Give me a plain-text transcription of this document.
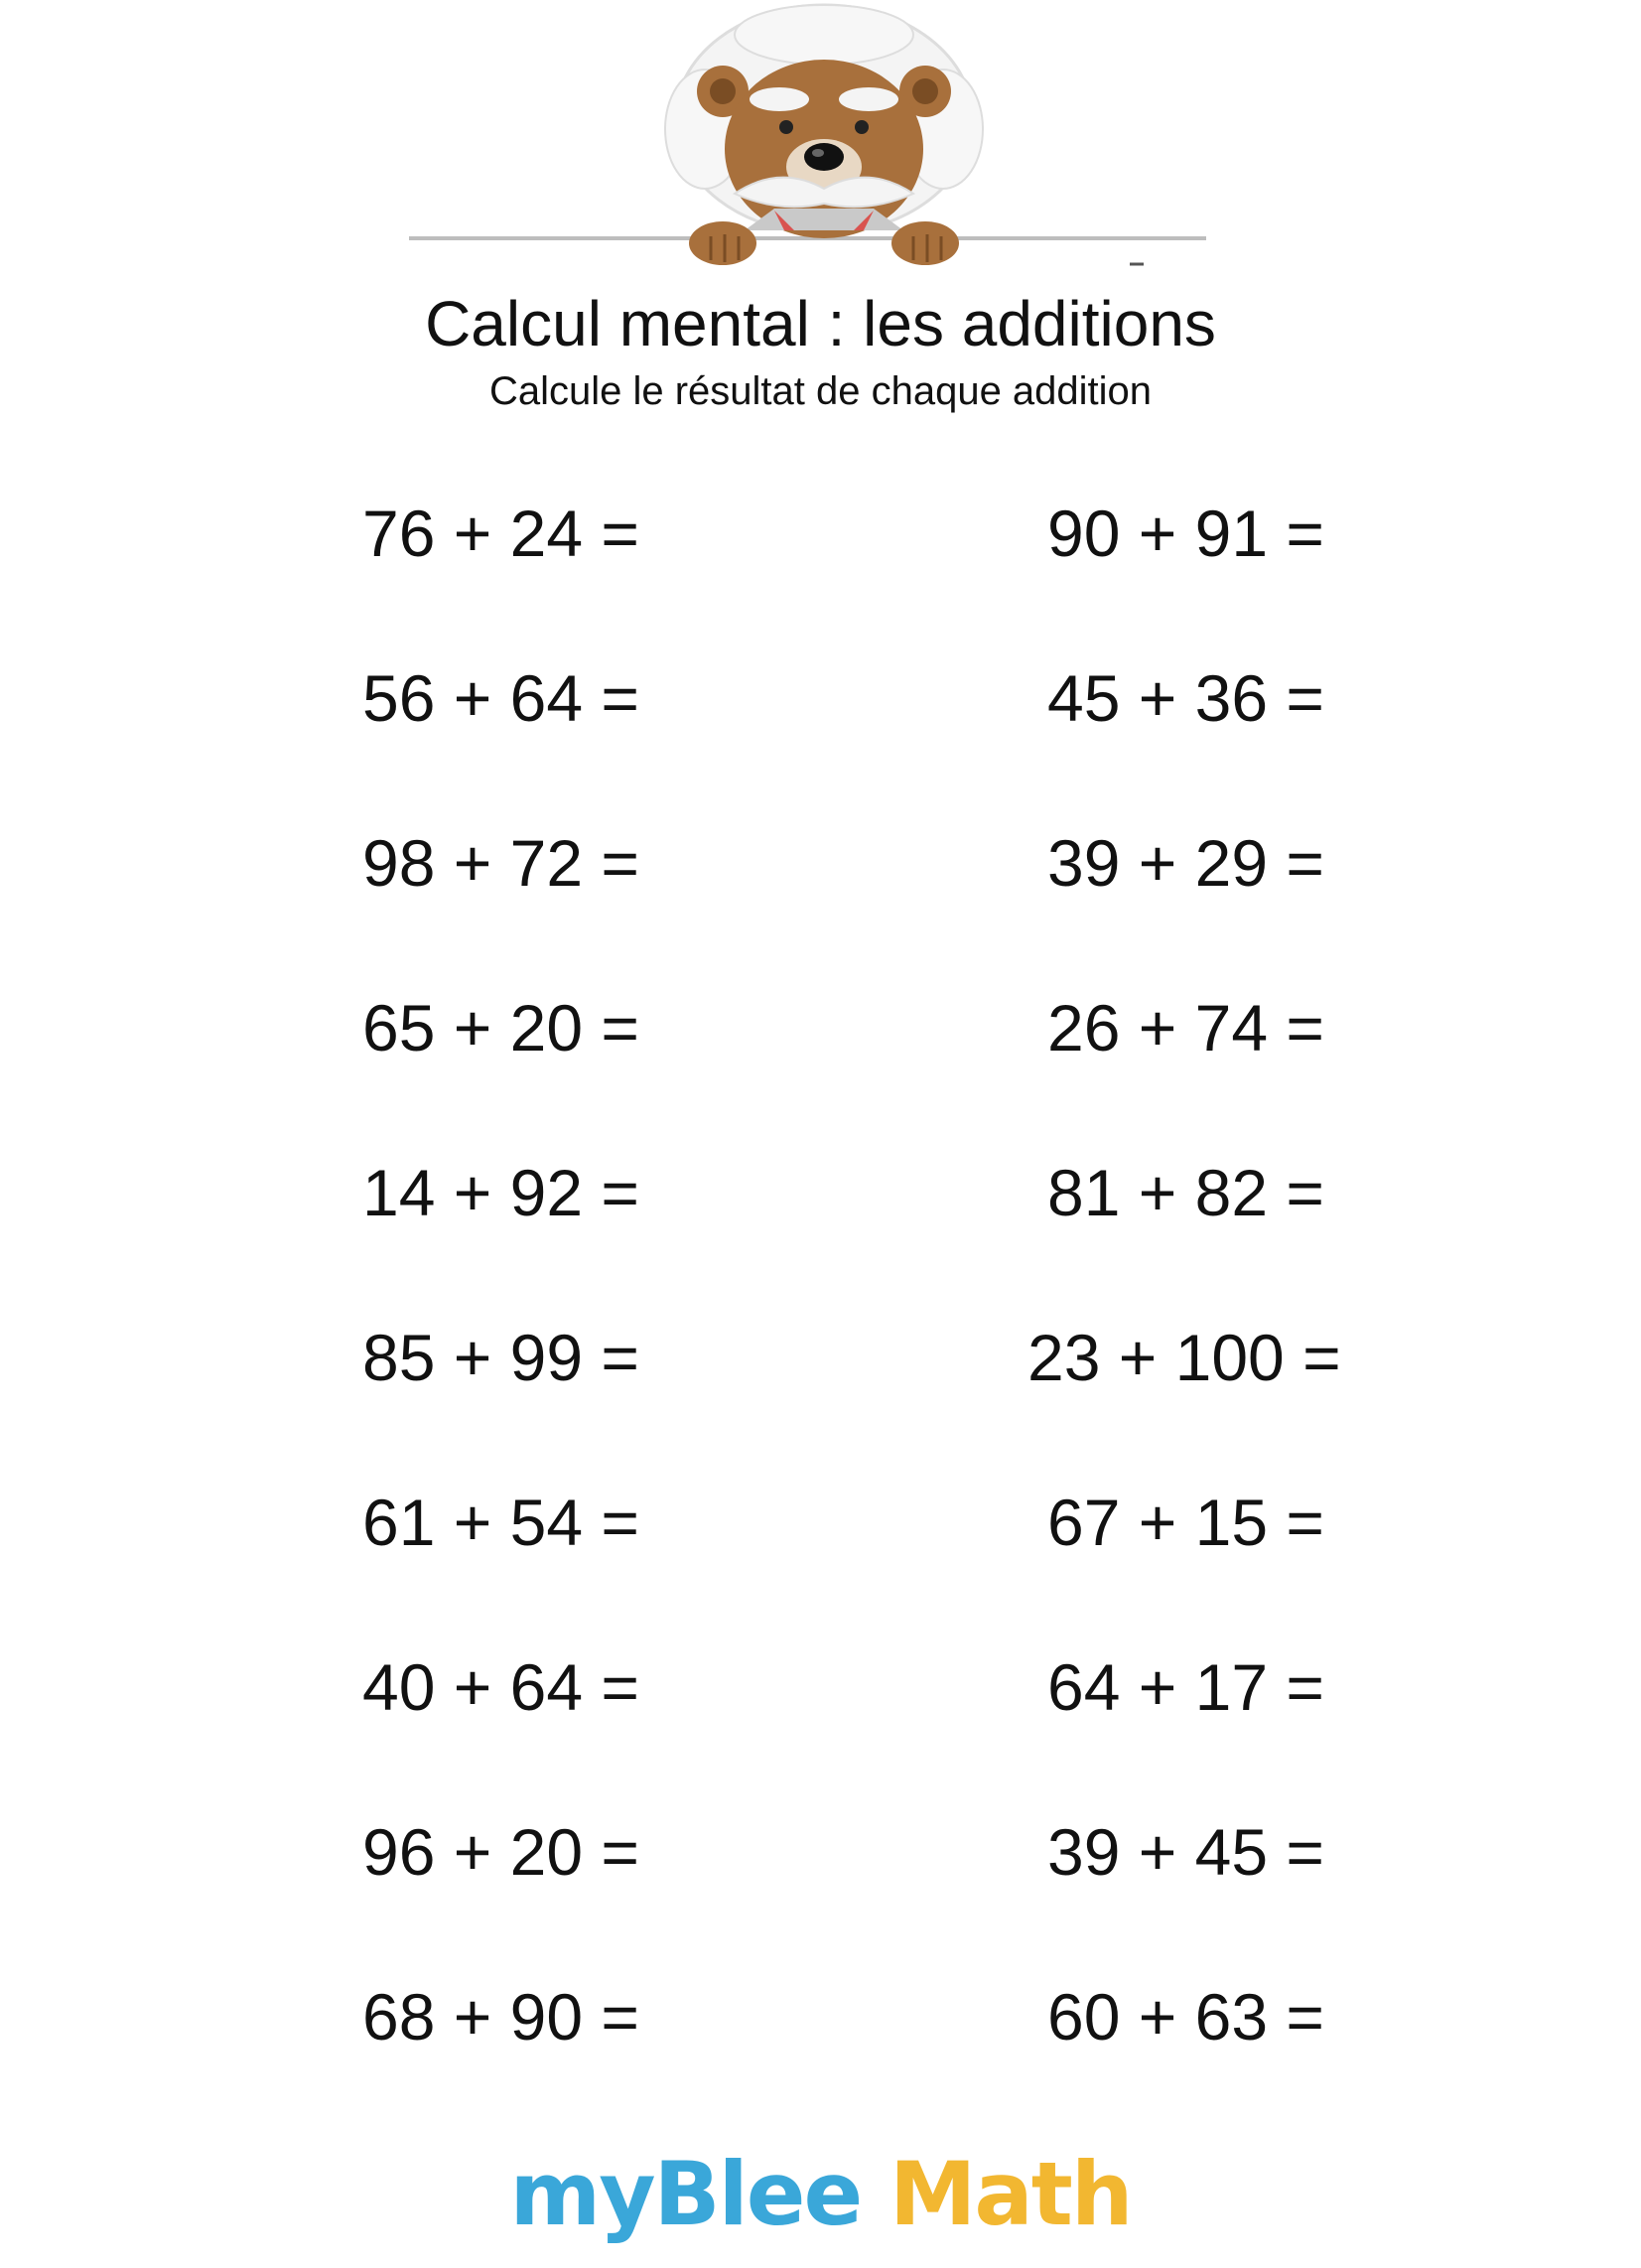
Calcul mental : les additions
Calcule le résultat de chaque addition
76 + 24 =
56 + 64 =
98 + 72 =
65 + 20 =
14 + 92 =
85 + 99 =
61 + 54 =
40 + 64 =
96 + 20 =
68 + 90 =
90 + 91 =
45 + 36 =
39 + 29 =
26 + 74 =
81 + 82 =
23 + 100 =
67 + 15 =
64 + 17 =
39 + 45 =
60 + 63 =
myBlee Math
